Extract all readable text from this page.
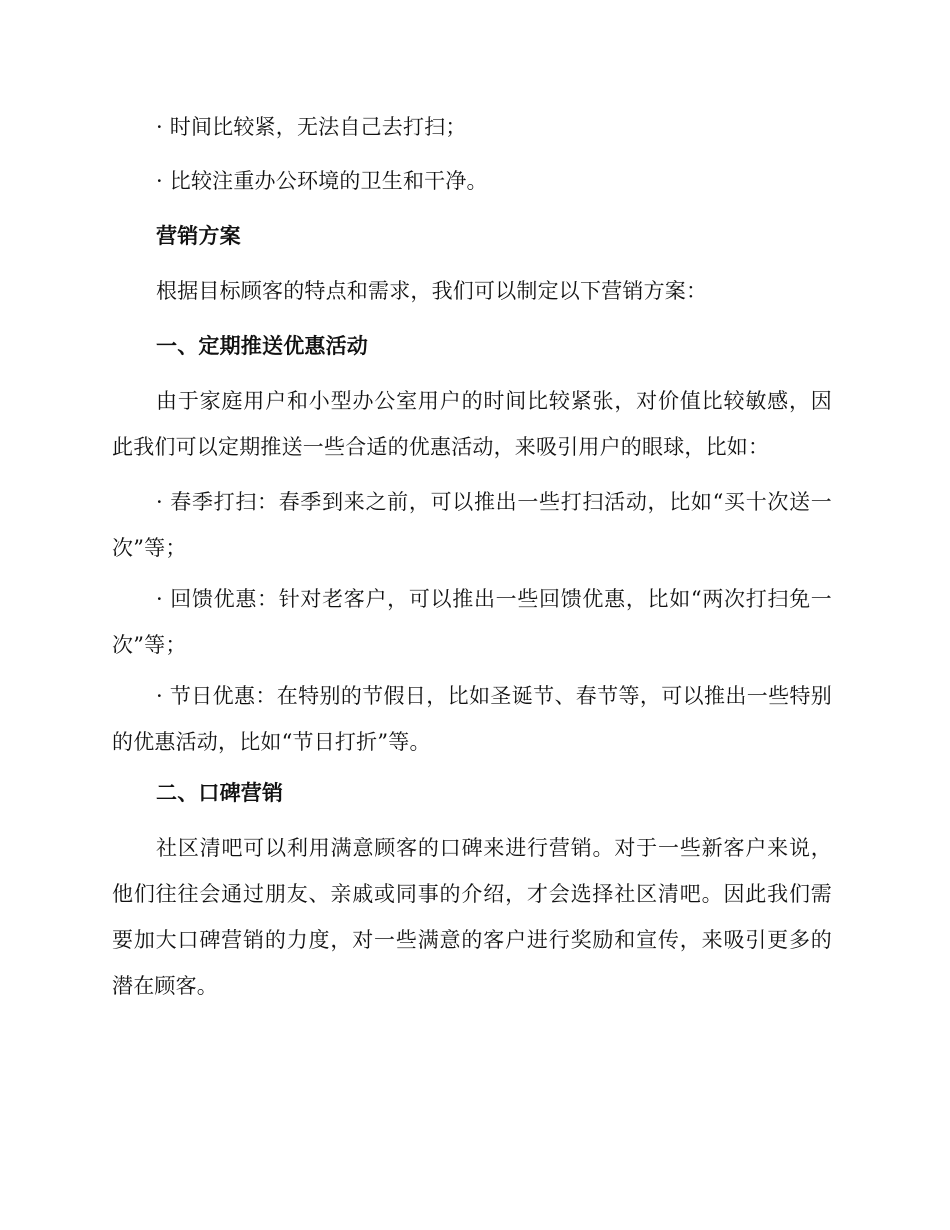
· 时间比较紧，无法自己去打扫；

· 比较注重办公环境的卫生和干净。

营销方案

根据目标顾客的特点和需求，我们可以制定以下营销方案：

一、定期推送优惠活动

由于家庭用户和小型办公室用户的时间比较紧张，对价值比较敏感，因此我们可以定期推送一些合适的优惠活动，来吸引用户的眼球，比如：

· 春季打扫：春季到来之前，可以推出一些打扫活动，比如“买十次送一次”等；

· 回馈优惠：针对老客户，可以推出一些回馈优惠，比如“两次打扫免一次”等；

· 节日优惠：在特别的节假日，比如圣诞节、春节等，可以推出一些特别的优惠活动，比如“节日打折”等。

二、口碑营销

社区清吧可以利用满意顾客的口碑来进行营销。对于一些新客户来说，他们往往会通过朋友、亲戚或同事的介绍，才会选择社区清吧。因此我们需要加大口碑营销的力度，对一些满意的客户进行奖励和宣传，来吸引更多的潜在顾客。
